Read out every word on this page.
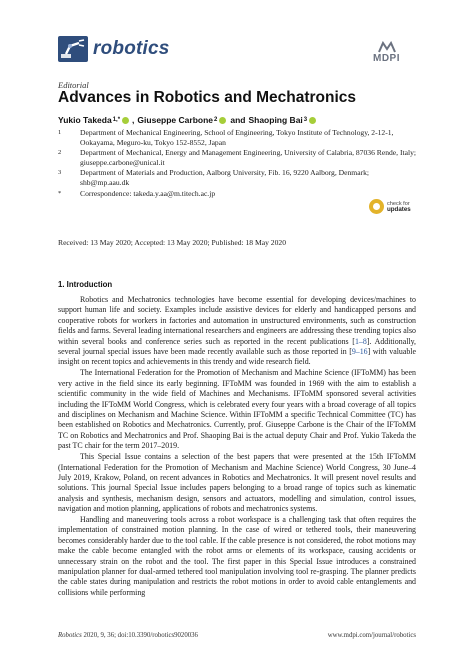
robotics	MDPI
Editorial
Advances in Robotics and Mechatronics
Yukio Takeda 1,* , Giuseppe Carbone 2 and Shaoping Bai 3
1	Department of Mechanical Engineering, School of Engineering, Tokyo Institute of Technology, 2-12-1, Ookayama, Meguro-ku, Tokyo 152-8552, Japan
2	Department of Mechanical, Energy and Management Engineering, University of Calabria, 87036 Rende, Italy; giuseppe.carbone@unical.it
3	Department of Materials and Production, Aalborg University, Fib. 16, 9220 Aalborg, Denmark; shb@mp.aau.dk
*	Correspondence: takeda.y.aa@m.titech.ac.jp
check for
updates
Received: 13 May 2020; Accepted: 13 May 2020; Published: 18 May 2020
1. Introduction

Robotics and Mechatronics technologies have become essential for developing devices/machines to support human life and society. Examples include assistive devices for elderly and handicapped persons and cooperative robots for workers in factories and automation in unstructured environments, such as construction fields and farms. Several leading international researchers and engineers are addressing these trending topics also within several books and conference series such as reported in the recent publications [1–8]. Additionally, several journal special issues have been made recently available such as those reported in [9–16] with valuable insight on recent topics and achievements in this trendy and wide research field.

The International Federation for the Promotion of Mechanism and Machine Science (IFToMM) has been very active in the field since its early beginning. IFToMM was founded in 1969 with the aim to establish a scientific community in the wide field of Machines and Mechanisms. IFToMM sponsored several activities including the IFToMM World Congress, which is celebrated every four years with a broad coverage of all topics and disciplines on Mechanism and Machine Science. Within IFToMM a specific Technical Committee (TC) has been established on Robotics and Mechatronics. Currently, prof. Giuseppe Carbone is the Chair of the IFToMM TC on Robotics and Mechatronics and Prof. Shaoping Bai is the actual deputy Chair and Prof. Yukio Takeda the past TC chair for the term 2017–2019.

This Special Issue contains a selection of the best papers that were presented at the 15th IFToMM (International Federation for the Promotion of Mechanism and Machine Science) World Congress, 30 June–4 July 2019, Krakow, Poland, on recent advances in Robotics and Mechatronics. It will present novel results and solutions. This journal Special Issue includes papers belonging to a broad range of topics such as kinematic analysis and synthesis, mechanism design, sensors and actuators, modelling and simulation, control issues, navigation and motion planning, applications of robots and mechatronics systems.

Handling and maneuvering tools across a robot workspace is a challenging task that often requires the implementation of constrained motion planning. In the case of wired or tethered tools, their maneuvering becomes considerably harder due to the tool cable. If the cable presence is not considered, the robot motions may make the cable become entangled with the robot arms or elements of its workspace, causing accidents or unnecessary strain on the robot and the tool. The first paper in this Special Issue introduces a constrained manipulation planner for dual-armed tethered tool manipulation involving tool re-grasping. The planner predicts the cable states during manipulation and restricts the robot motions in order to avoid cable entanglements and collisions while performing

Robotics 2020, 9, 36; doi:10.3390/robotics9020036	www.mdpi.com/journal/robotics
